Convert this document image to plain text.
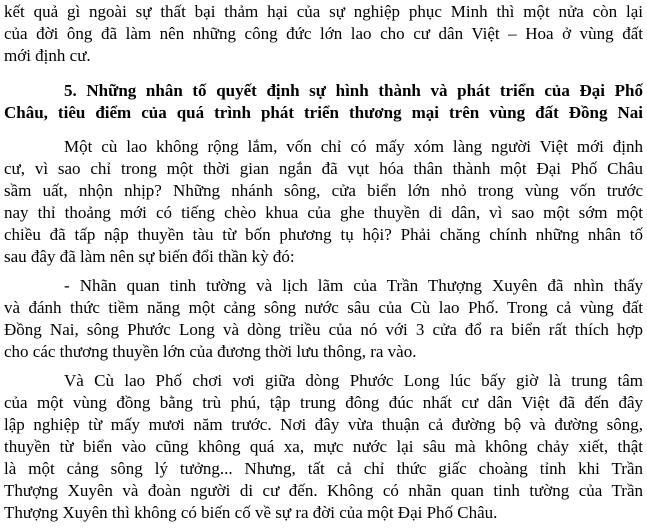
kết quả gì ngoài sự thất bại thảm hại của sự nghiệp phục Minh thì một nửa còn lại
của đời ông đã làm nên những công đức lớn lao cho cư dân Việt – Hoa ở vùng đất
mới định cư.
5. Những nhân tố quyết định sự hình thành và phát triển của Đại Phố
Châu, tiêu điểm của quá trình phát triển thương mại trên vùng đất Đồng Nai
Một cù lao không rộng lắm, vốn chỉ có mấy xóm làng người Việt mới định
cư, vì sao chỉ trong một thời gian ngắn đã vụt hóa thân thành một Đại Phố Châu
sầm uất, nhộn nhịp? Những nhánh sông, cửa biển lớn nhỏ trong vùng vốn trước
nay thỉ thoảng mới có tiếng chèo khua của ghe thuyền di dân, vì sao một sớm một
chiều đã tấp nập thuyền tàu từ bốn phương tụ hội? Phải chăng chính những nhân tố
sau đây đã làm nên sự biến đổi thần kỳ đó:
- Nhãn quan tinh tường và lịch lãm của Trần Thượng Xuyên đã nhìn thấy
và đánh thức tiềm năng một cảng sông nước sâu của Cù lao Phố. Trong cả vùng đất
Đồng Nai, sông Phước Long và dòng triều của nó với 3 cửa đổ ra biển rất thích hợp
cho các thương thuyền lớn của đương thời lưu thông, ra vào.
Và Cù lao Phố chơi vơi giữa dòng Phước Long lúc bấy giờ là trung tâm
của một vùng đồng bằng trù phú, tập trung đông đúc nhất cư dân Việt đã đến đây
lập nghiệp từ mấy mươi năm trước. Nơi đây vừa thuận cả đường bộ và đường sông,
thuyền từ biển vào cũng không quá xa, mực nước lại sâu mà không chảy xiết, thật
là một cảng sông lý tưởng... Nhưng, tất cả chỉ thức giấc choàng tỉnh khi Trần
Thượng Xuyên và đoàn người di cư đến. Không có nhãn quan tinh tường của Trần
Thượng Xuyên thì không có biến cố về sự ra đời của một Đại Phố Châu.
